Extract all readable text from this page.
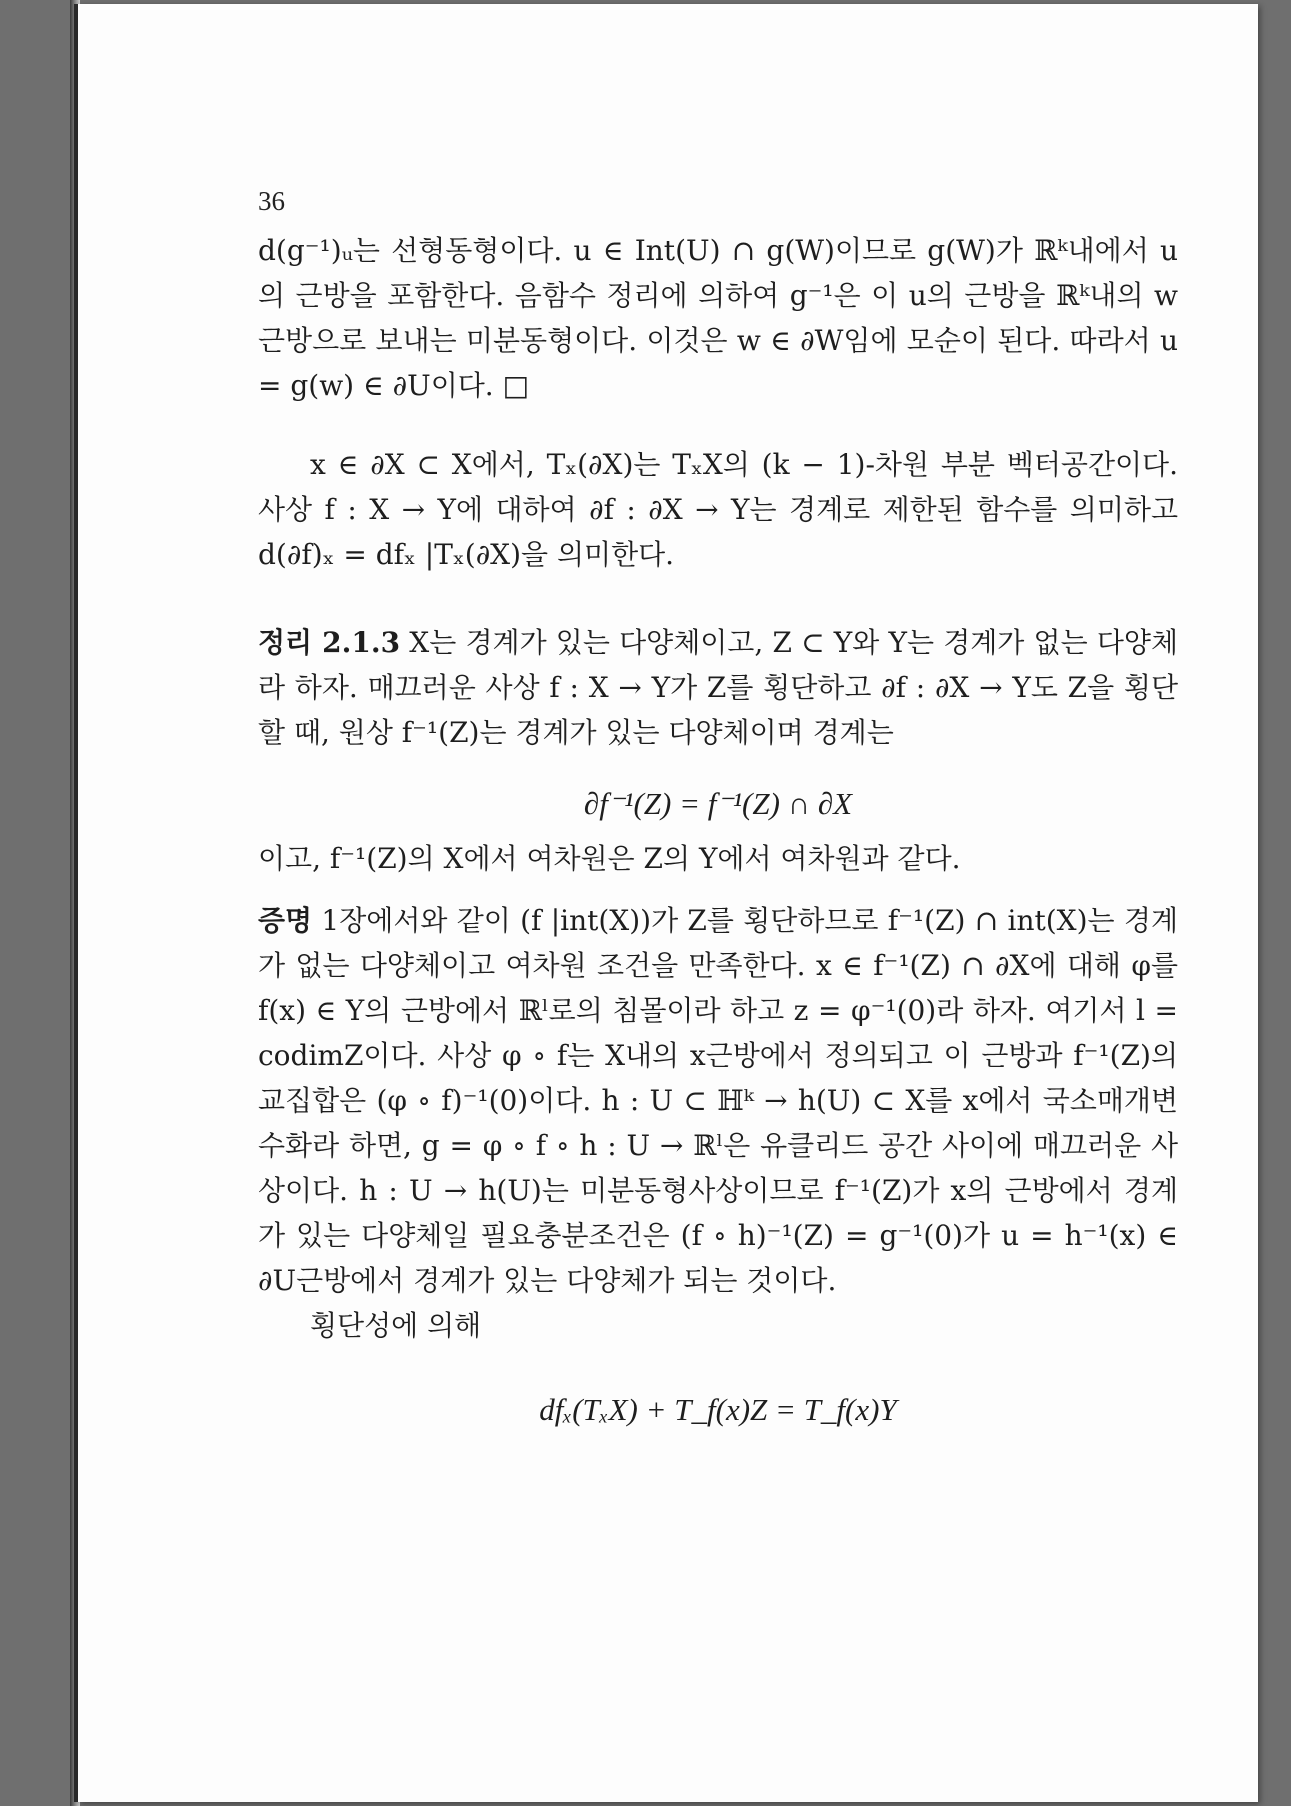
36

d(g⁻¹)ᵤ는 선형동형이다. u ∈ Int(U) ∩ g(W)이므로 g(W)가 ℝᵏ내에서 u의 근방을 포함한다. 음함수 정리에 의하여 g⁻¹은 이 u의 근방을 ℝᵏ내의 w근방으로 보내는 미분동형이다. 이것은 w ∈ ∂W임에 모순이 된다. 따라서 u = g(w) ∈ ∂U이다. □

x ∈ ∂X ⊂ X에서, Tₓ(∂X)는 TₓX의 (k − 1)-차원 부분 벡터공간이다. 사상 f : X → Y에 대하여 ∂f : ∂X → Y는 경계로 제한된 함수를 의미하고 d(∂f)ₓ = dfₓ |Tₓ(∂X)을 의미한다.

정리 2.1.3 X는 경계가 있는 다양체이고, Z ⊂ Y와 Y는 경계가 없는 다양체라 하자. 매끄러운 사상 f : X → Y가 Z를 횡단하고 ∂f : ∂X → Y도 Z을 횡단할 때, 원상 f⁻¹(Z)는 경계가 있는 다양체이며 경계는

∂f⁻¹(Z) = f⁻¹(Z) ∩ ∂X

이고, f⁻¹(Z)의 X에서 여차원은 Z의 Y에서 여차원과 같다.

증명 1장에서와 같이 (f |int(X))가 Z를 횡단하므로 f⁻¹(Z) ∩ int(X)는 경계가 없는 다양체이고 여차원 조건을 만족한다. x ∈ f⁻¹(Z) ∩ ∂X에 대해 φ를 f(x) ∈ Y의 근방에서 ℝˡ로의 침몰이라 하고 z = φ⁻¹(0)라 하자. 여기서 l = codimZ이다. 사상 φ ∘ f는 X내의 x근방에서 정의되고 이 근방과 f⁻¹(Z)의 교집합은 (φ ∘ f)⁻¹(0)이다. h : U ⊂ ℍᵏ → h(U) ⊂ X를 x에서 국소매개변수화라 하면, g = φ ∘ f ∘ h : U → ℝˡ은 유클리드 공간 사이에 매끄러운 사상이다. h : U → h(U)는 미분동형사상이므로 f⁻¹(Z)가 x의 근방에서 경계가 있는 다양체일 필요충분조건은 (f ∘ h)⁻¹(Z) = g⁻¹(0)가 u = h⁻¹(x) ∈ ∂U근방에서 경계가 있는 다양체가 되는 것이다.

횡단성에 의해

dfₓ(TₓX) + T_f(x)Z = T_f(x)Y
